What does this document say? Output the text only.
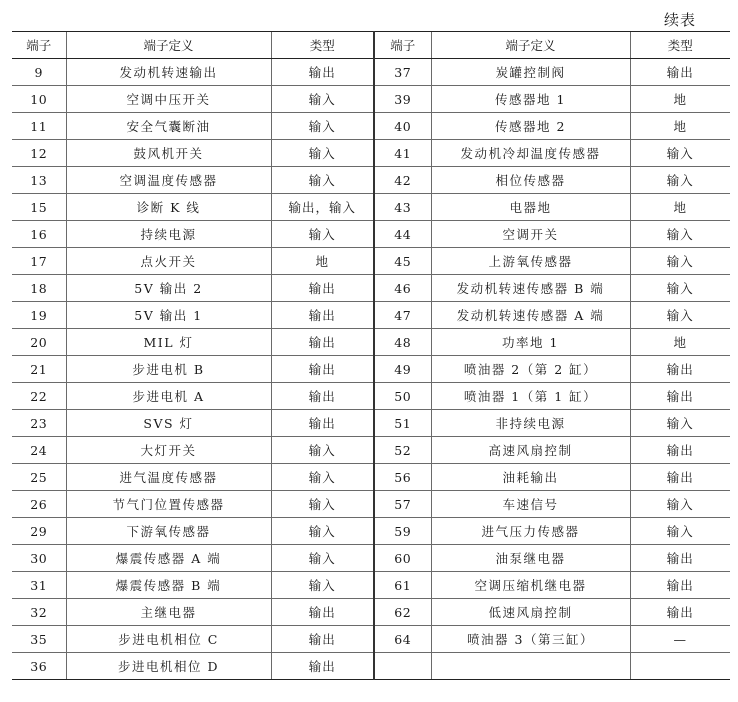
续表
端子	端子定义	类型	端子	端子定义	类型
9	发动机转速输出	输出	37	炭罐控制阀	输出
10	空调中压开关	输入	39	传感器地 1	地
11	安全气囊断油	输入	40	传感器地 2	地
12	鼓风机开关	输入	41	发动机冷却温度传感器	输入
13	空调温度传感器	输入	42	相位传感器	输入
15	诊断 K 线	输出，输入	43	电器地	地
16	持续电源	输入	44	空调开关	输入
17	点火开关	地	45	上游氧传感器	输入
18	5V 输出 2	输出	46	发动机转速传感器 B 端	输入
19	5V 输出 1	输出	47	发动机转速传感器 A 端	输入
20	MIL 灯	输出	48	功率地 1	地
21	步进电机 B	输出	49	喷油器 2（第 2 缸）	输出
22	步进电机 A	输出	50	喷油器 1（第 1 缸）	输出
23	SVS 灯	输出	51	非持续电源	输入
24	大灯开关	输入	52	高速风扇控制	输出
25	进气温度传感器	输入	56	油耗输出	输出
26	节气门位置传感器	输入	57	车速信号	输入
29	下游氧传感器	输入	59	进气压力传感器	输入
30	爆震传感器 A 端	输入	60	油泵继电器	输出
31	爆震传感器 B 端	输入	61	空调压缩机继电器	输出
32	主继电器	输出	62	低速风扇控制	输出
35	步进电机相位 C	输出	64	喷油器 3（第三缸）	—
36	步进电机相位 D	输出			
